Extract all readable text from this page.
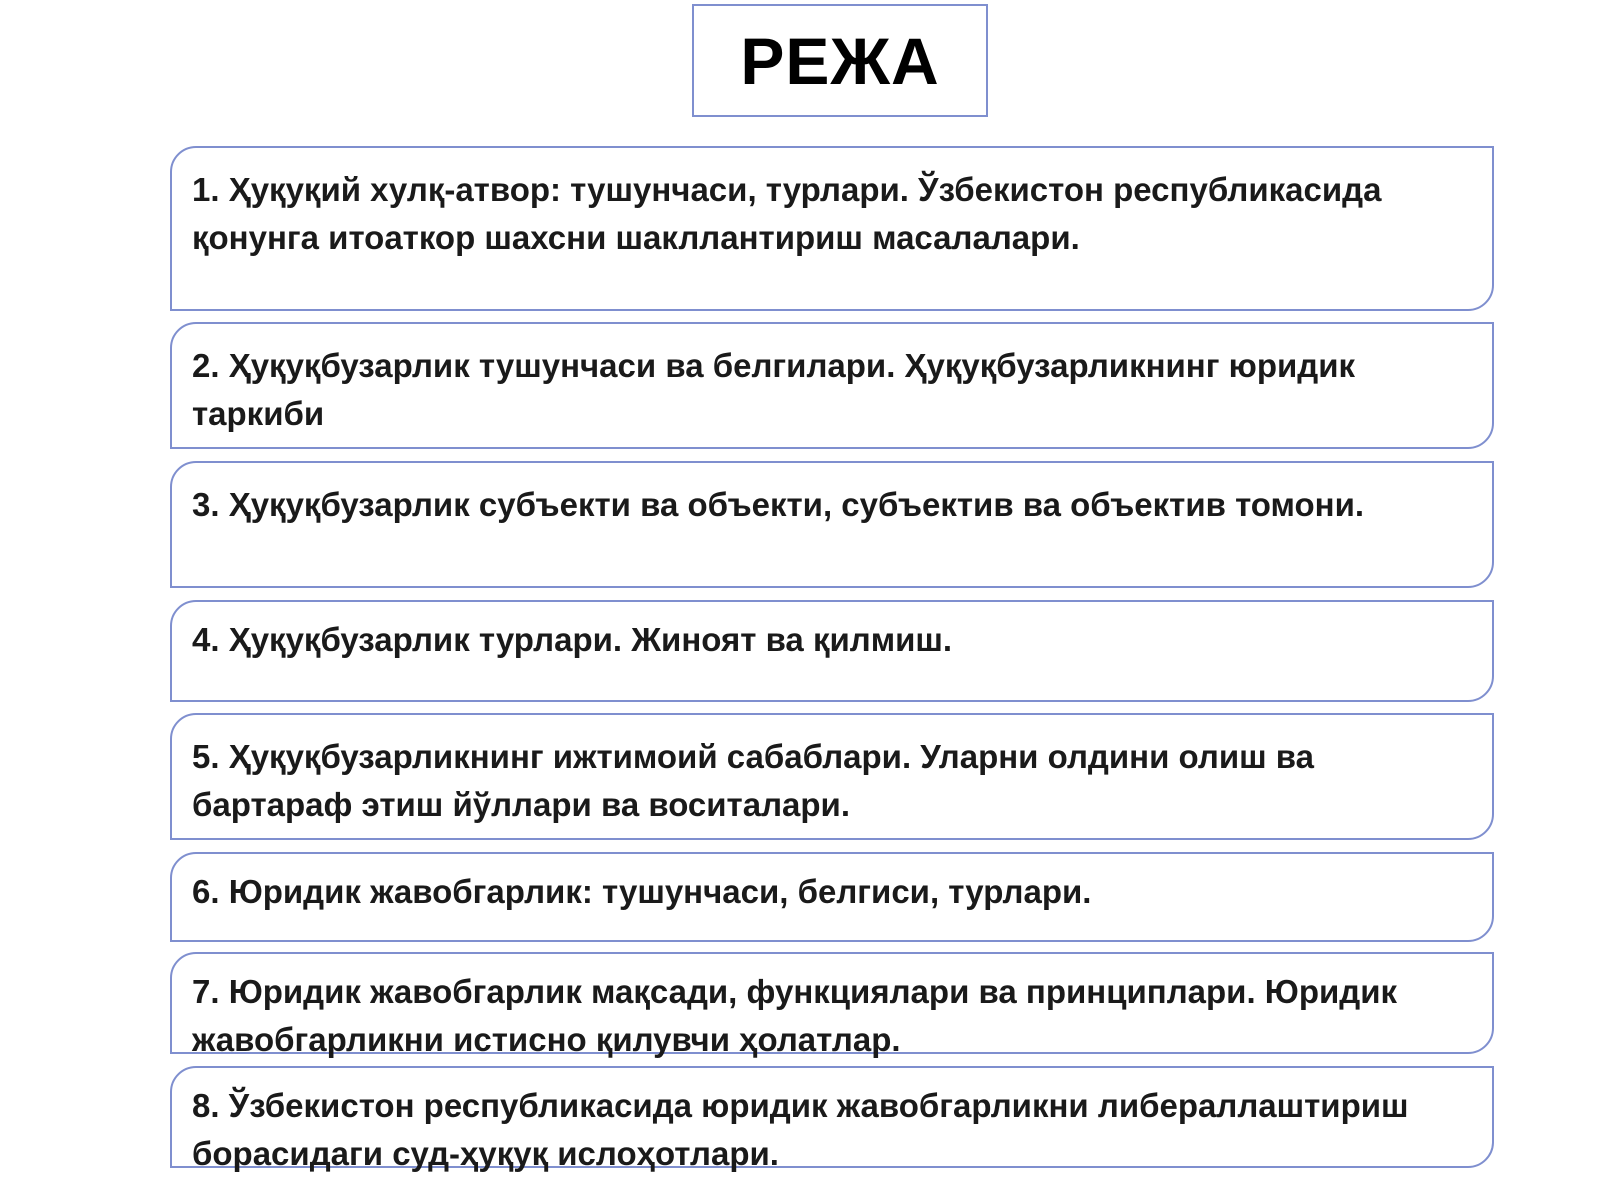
РЕЖА
1. Ҳуқуқий хулқ-атвор: тушунчаси, турлари. Ўзбекистон республикасида қонунга итоаткор шахсни шакллантириш масалалари.
2. Ҳуқуқбузарлик тушунчаси ва белгилари. Ҳуқуқбузарликнинг юридик таркиби
3. Ҳуқуқбузарлик субъекти ва объекти, субъектив ва объектив томони.
4. Ҳуқуқбузарлик турлари. Жиноят ва қилмиш.
5. Ҳуқуқбузарликнинг ижтимоий сабаблари. Уларни олдини олиш ва бартараф этиш йўллари ва воситалари.
6. Юридик жавобгарлик: тушунчаси, белгиси, турлари.
7. Юридик жавобгарлик мақсади, функциялари ва принциплари. Юридик жавобгарликни истисно қилувчи ҳолатлар.
8. Ўзбекистон республикасида юридик жавобгарликни либераллаштириш борасидаги суд-ҳуқуқ ислоҳотлари.
